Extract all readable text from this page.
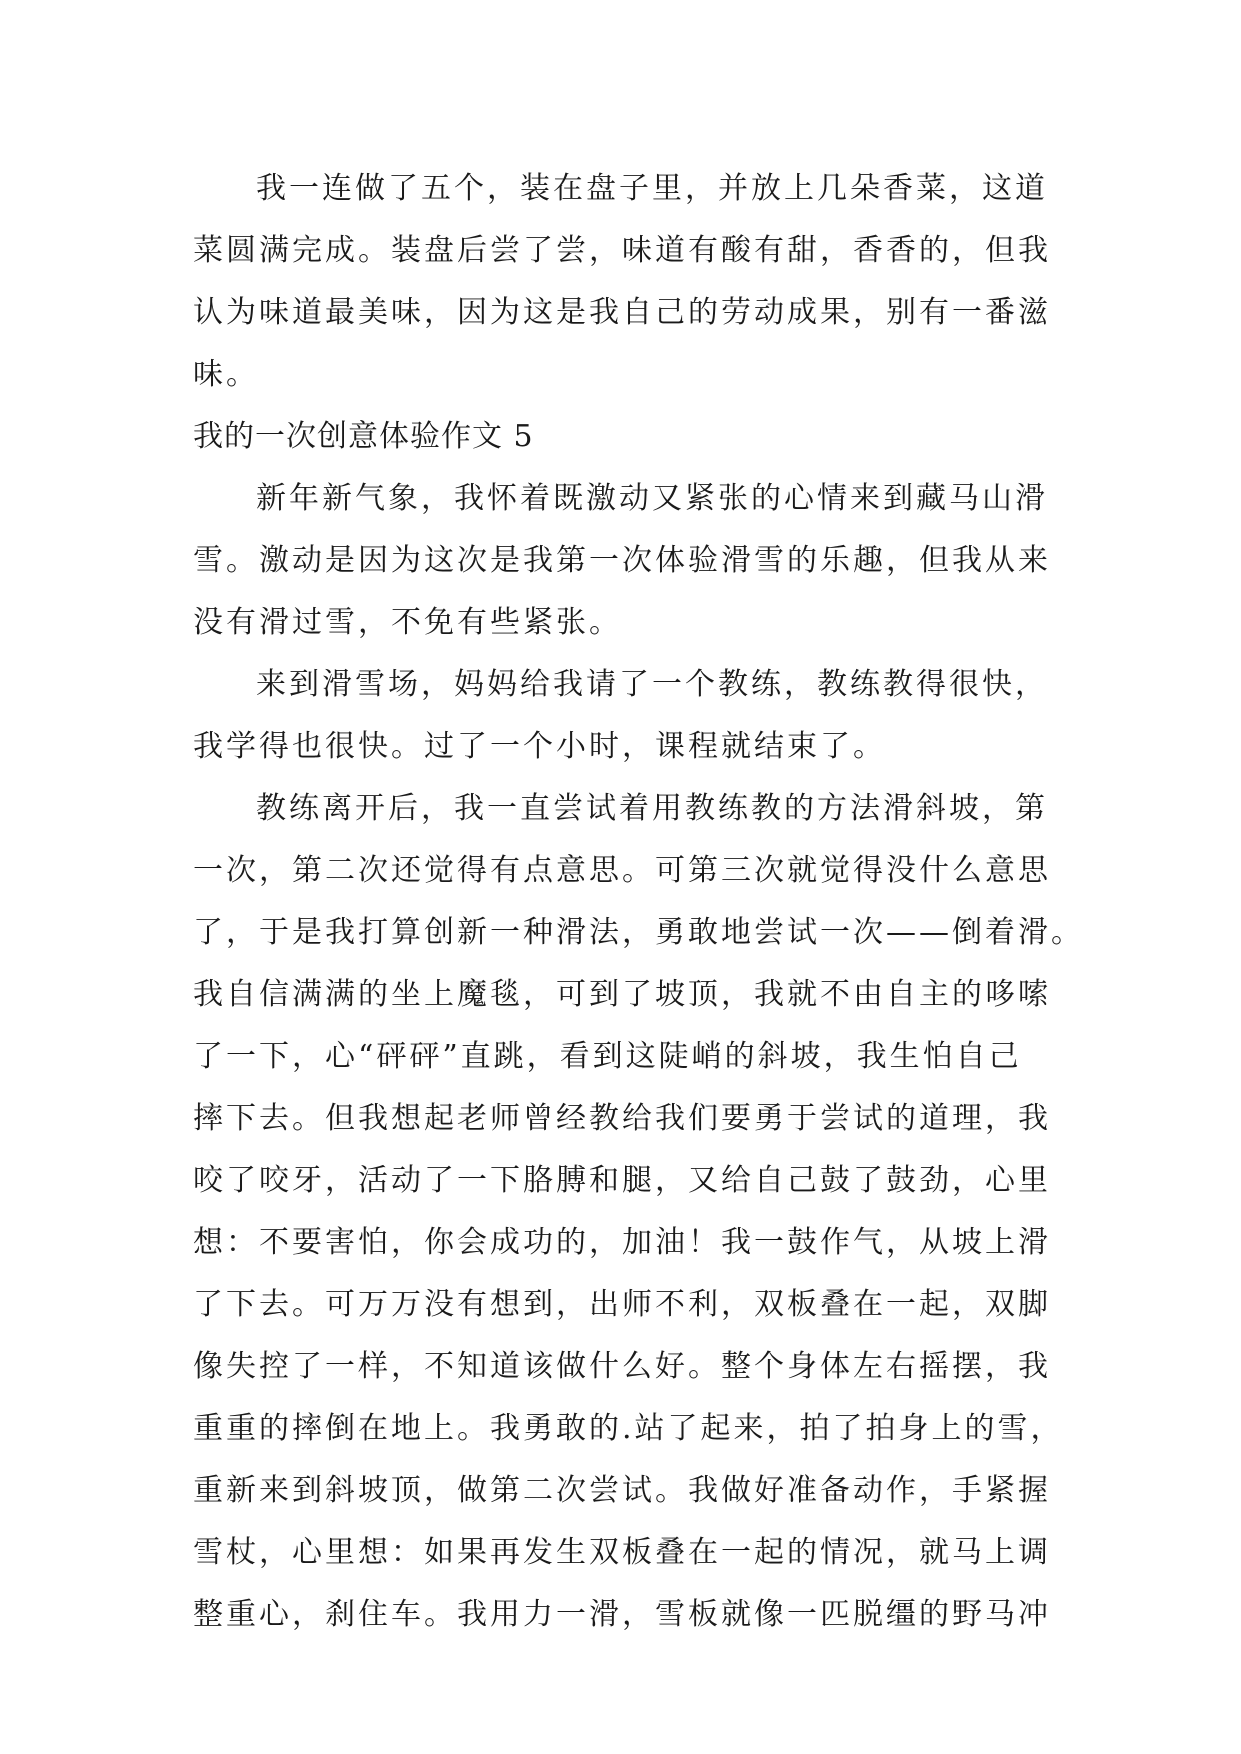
我一连做了五个，装在盘子里，并放上几朵香菜，这道
菜圆满完成。装盘后尝了尝，味道有酸有甜，香香的，但我
认为味道最美味，因为这是我自己的劳动成果，别有一番滋
味。
我的一次创意体验作文 5
新年新气象，我怀着既激动又紧张的心情来到藏马山滑
雪。激动是因为这次是我第一次体验滑雪的乐趣，但我从来
没有滑过雪，不免有些紧张。
来到滑雪场，妈妈给我请了一个教练，教练教得很快，
我学得也很快。过了一个小时，课程就结束了。
教练离开后，我一直尝试着用教练教的方法滑斜坡，第
一次，第二次还觉得有点意思。可第三次就觉得没什么意思
了，于是我打算创新一种滑法，勇敢地尝试一次——倒着滑。
我自信满满的坐上魔毯，可到了坡顶，我就不由自主的哆嗦
了一下，心“砰砰”直跳，看到这陡峭的斜坡，我生怕自己
摔下去。但我想起老师曾经教给我们要勇于尝试的道理，我
咬了咬牙，活动了一下胳膊和腿，又给自己鼓了鼓劲，心里
想：不要害怕，你会成功的，加油！我一鼓作气，从坡上滑
了下去。可万万没有想到，出师不利，双板叠在一起，双脚
像失控了一样，不知道该做什么好。整个身体左右摇摆，我
重重的摔倒在地上。我勇敢的.站了起来，拍了拍身上的雪，
重新来到斜坡顶，做第二次尝试。我做好准备动作，手紧握
雪杖，心里想：如果再发生双板叠在一起的情况，就马上调
整重心，刹住车。我用力一滑，雪板就像一匹脱缰的野马冲
